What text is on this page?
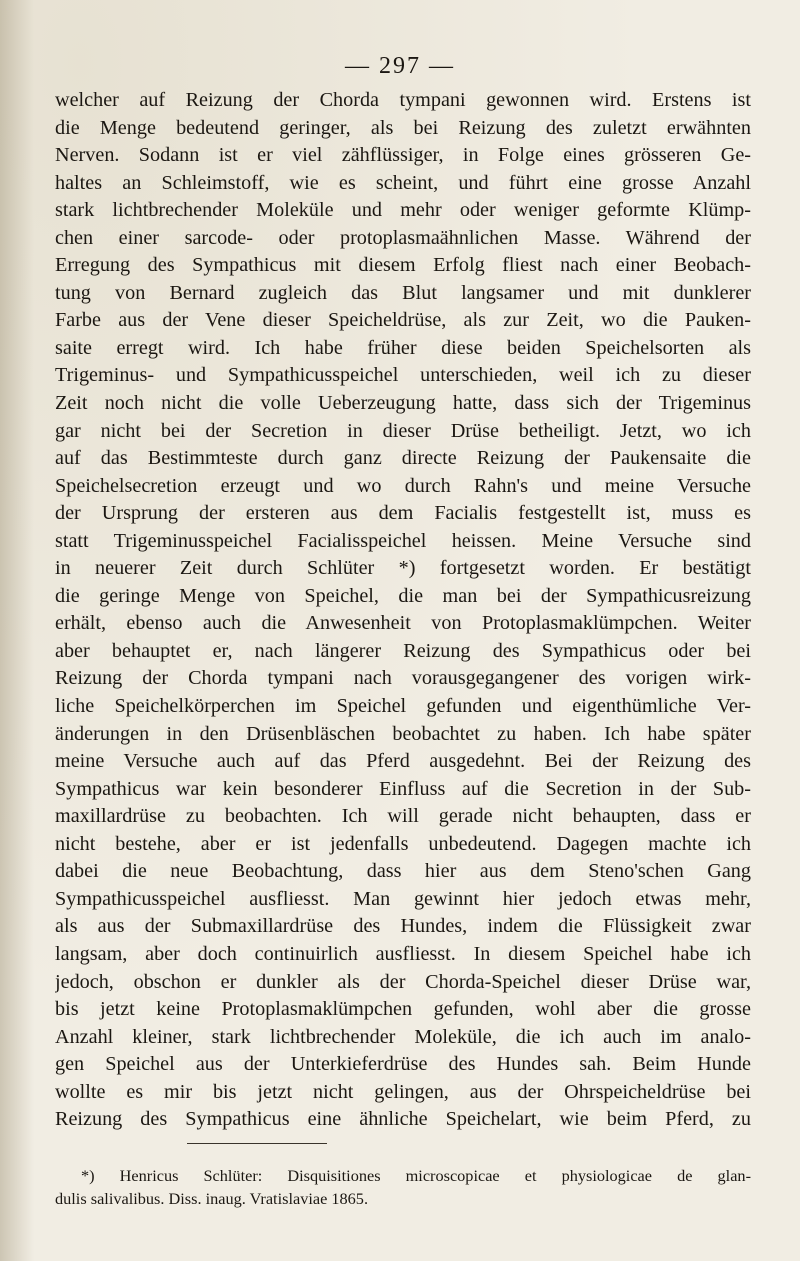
— 297 —
welcher auf Reizung der Chorda tympani gewonnen wird. Erstens ist
die Menge bedeutend geringer, als bei Reizung des zuletzt erwähnten
Nerven. Sodann ist er viel zähflüssiger, in Folge eines grösseren Ge-
haltes an Schleimstoff, wie es scheint, und führt eine grosse Anzahl
stark lichtbrechender Moleküle und mehr oder weniger geformte Klümp-
chen einer sarcode- oder protoplasmaähnlichen Masse. Während der
Erregung des Sympathicus mit diesem Erfolg fliest nach einer Beobach-
tung von Bernard zugleich das Blut langsamer und mit dunklerer
Farbe aus der Vene dieser Speicheldrüse, als zur Zeit, wo die Pauken-
saite erregt wird. Ich habe früher diese beiden Speichelsorten als
Trigeminus- und Sympathicusspeichel unterschieden, weil ich zu dieser
Zeit noch nicht die volle Ueberzeugung hatte, dass sich der Trigeminus
gar nicht bei der Secretion in dieser Drüse betheiligt. Jetzt, wo ich
auf das Bestimmteste durch ganz directe Reizung der Paukensaite die
Speichelsecretion erzeugt und wo durch Rahn's und meine Versuche
der Ursprung der ersteren aus dem Facialis festgestellt ist, muss es
statt Trigeminusspeichel Facialisspeichel heissen. Meine Versuche sind
in neuerer Zeit durch Schlüter *) fortgesetzt worden. Er bestätigt
die geringe Menge von Speichel, die man bei der Sympathicusreizung
erhält, ebenso auch die Anwesenheit von Protoplasmaklümpchen. Weiter
aber behauptet er, nach längerer Reizung des Sympathicus oder bei
Reizung der Chorda tympani nach vorausgegangener des vorigen wirk-
liche Speichelkörperchen im Speichel gefunden und eigenthümliche Ver-
änderungen in den Drüsenbläschen beobachtet zu haben. Ich habe später
meine Versuche auch auf das Pferd ausgedehnt. Bei der Reizung des
Sympathicus war kein besonderer Einfluss auf die Secretion in der Sub-
maxillardrüse zu beobachten. Ich will gerade nicht behaupten, dass er
nicht bestehe, aber er ist jedenfalls unbedeutend. Dagegen machte ich
dabei die neue Beobachtung, dass hier aus dem Steno'schen Gang
Sympathicusspeichel ausfliesst. Man gewinnt hier jedoch etwas mehr,
als aus der Submaxillardrüse des Hundes, indem die Flüssigkeit zwar
langsam, aber doch continuirlich ausfliesst. In diesem Speichel habe ich
jedoch, obschon er dunkler als der Chorda-Speichel dieser Drüse war,
bis jetzt keine Protoplasmaklümpchen gefunden, wohl aber die grosse
Anzahl kleiner, stark lichtbrechender Moleküle, die ich auch im analo-
gen Speichel aus der Unterkieferdrüse des Hundes sah. Beim Hunde
wollte es mir bis jetzt nicht gelingen, aus der Ohrspeicheldrüse bei
Reizung des Sympathicus eine ähnliche Speichelart, wie beim Pferd, zu
*) Henricus Schlüter: Disquisitiones microscopicae et physiologicae de glan-
dulis salivalibus. Diss. inaug. Vratislaviae 1865.
